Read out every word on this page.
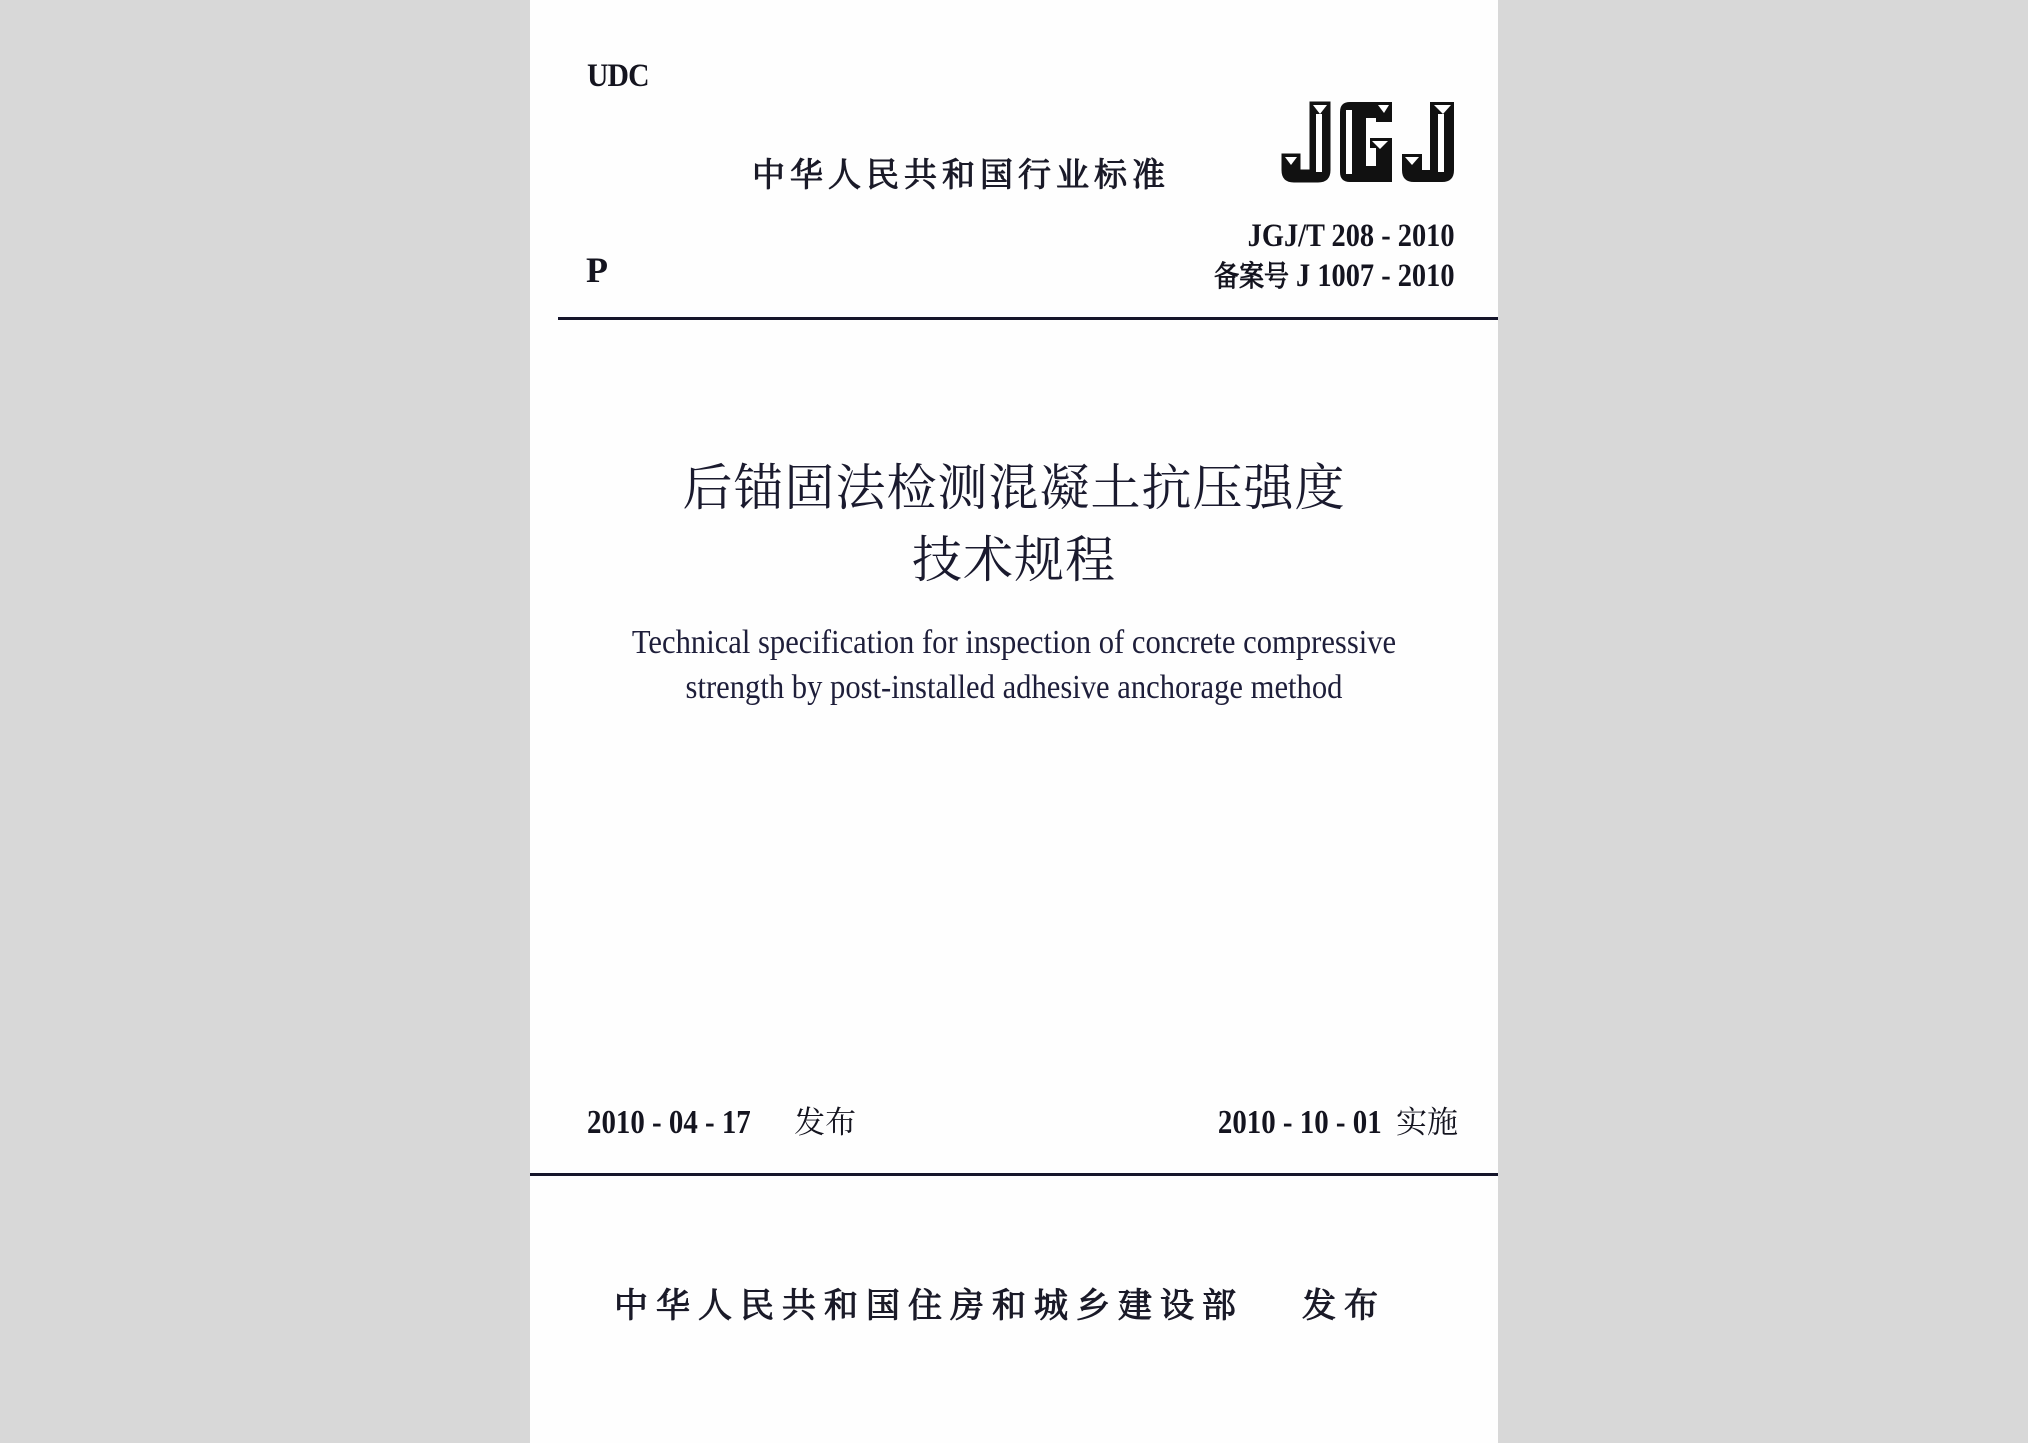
UDC
中华人民共和国行业标准
P
JGJ/T 208 - 2010
备案号 J 1007 - 2010
后锚固法检测混凝土抗压强度
技术规程
Technical specification for inspection of concrete compressive
strength by post-installed adhesive anchorage method
2010 - 04 - 17 发布	2010 - 10 - 01 实施
中华人民共和国住房和城乡建设部 发布
